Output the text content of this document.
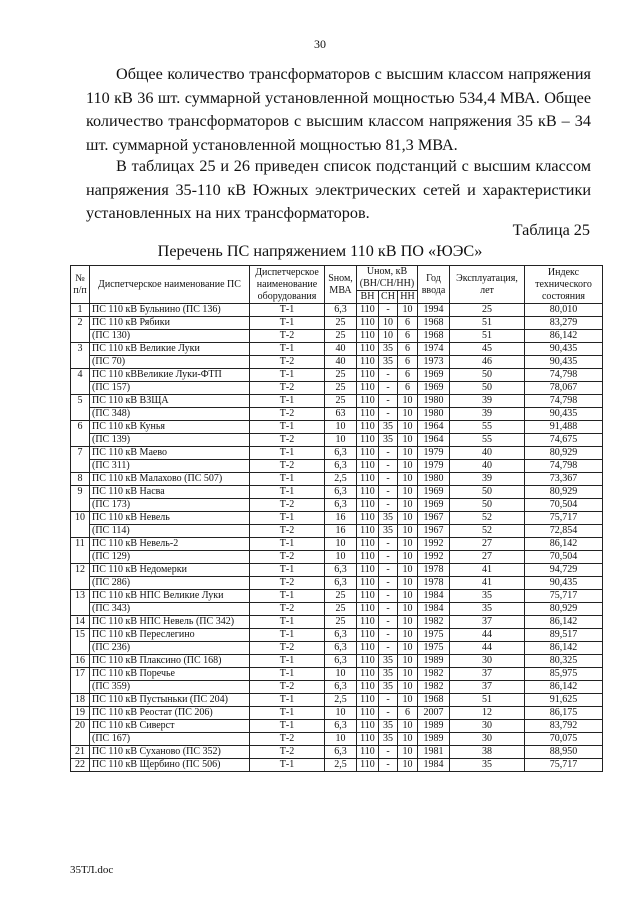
30
Общее количество трансформаторов с высшим классом напряжения 110 кВ 36 шт. суммарной установленной мощностью 534,4 МВА. Общее количество трансформаторов с высшим классом напряжения 35 кВ – 34 шт. суммарной установленной мощностью 81,3 МВА.
В таблицах 25 и 26 приведен список подстанций с высшим классом напряжения 35-110 кВ Южных электрических сетей и характеристики установленных на них трансформаторов.
Таблица 25
Перечень ПС напряжением 110 кВ ПО «ЮЭС»
№ п/п	Диспетчерское наименование ПС	Диспетчерское наименование оборудования	Sном, МВА	Uном, кВ (ВН/СН/НН)			Год ввода	Эксплуатация, лет	Индекс технического состояния
				ВН	СН	НН			
1	ПС 110 кВ Бульнино (ПС 136)	Т-1	6,3	110	-	10	1994	25	80,010
2	ПС 110 кВ Рябики	Т-1	25	110	10	6	1968	51	83,279
	(ПС 130)	Т-2	25	110	10	6	1968	51	86,142
3	ПС 110 кВ Великие Луки	Т-1	40	110	35	6	1974	45	90,435
	(ПС 70)	Т-2	40	110	35	6	1973	46	90,435
4	ПС 110 кВВеликие Луки-ФТП	Т-1	25	110	-	6	1969	50	74,798
	(ПС 157)	Т-2	25	110	-	6	1969	50	78,067
5	ПС 110 кВ ВЗЩА	Т-1	25	110	-	10	1980	39	74,798
	(ПС 348)	Т-2	63	110	-	10	1980	39	90,435
6	ПС 110 кВ Кунья	Т-1	10	110	35	10	1964	55	91,488
	(ПС 139)	Т-2	10	110	35	10	1964	55	74,675
7	ПС 110 кВ Маево	Т-1	6,3	110	-	10	1979	40	80,929
	(ПС 311)	Т-2	6,3	110	-	10	1979	40	74,798
8	ПС 110 кВ Малахово (ПС 507)	Т-1	2,5	110	-	10	1980	39	73,367
9	ПС 110 кВ Насва	Т-1	6,3	110	-	10	1969	50	80,929
	(ПС 173)	Т-2	6,3	110	-	10	1969	50	70,504
10	ПС 110 кВ Невель	Т-1	16	110	35	10	1967	52	75,717
	(ПС 114)	Т-2	16	110	35	10	1967	52	72,854
11	ПС 110 кВ Невель-2	Т-1	10	110	-	10	1992	27	86,142
	(ПС 129)	Т-2	10	110	-	10	1992	27	70,504
12	ПС 110 кВ Недомерки	Т-1	6,3	110	-	10	1978	41	94,729
	(ПС 286)	Т-2	6,3	110	-	10	1978	41	90,435
13	ПС 110 кВ НПС Великие Луки	Т-1	25	110	-	10	1984	35	75,717
	(ПС 343)	Т-2	25	110	-	10	1984	35	80,929
14	ПС 110 кВ НПС Невель (ПС 342)	Т-1	25	110	-	10	1982	37	86,142
15	ПС 110 кВ Переслегино	Т-1	6,3	110	-	10	1975	44	89,517
	(ПС 236)	Т-2	6,3	110	-	10	1975	44	86,142
16	ПС 110 кВ Плаксино (ПС 168)	Т-1	6,3	110	35	10	1989	30	80,325
17	ПС 110 кВ Поречье	Т-1	10	110	35	10	1982	37	85,975
	(ПС 359)	Т-2	6,3	110	35	10	1982	37	86,142
18	ПС 110 кВ Пустыньки (ПС 204)	Т-1	2,5	110	-	10	1968	51	91,625
19	ПС 110 кВ Реостат (ПС 206)	Т-1	10	110	-	6	2007	12	86,175
20	ПС 110 кВ Сиверст	Т-1	6,3	110	35	10	1989	30	83,792
	(ПС 167)	Т-2	10	110	35	10	1989	30	70,075
21	ПС 110 кВ Суханово (ПС 352)	Т-2	6,3	110	-	10	1981	38	88,950
22	ПС 110 кВ Щербино (ПС 506)	Т-1	2,5	110	-	10	1984	35	75,717
35ТЛ.doc
